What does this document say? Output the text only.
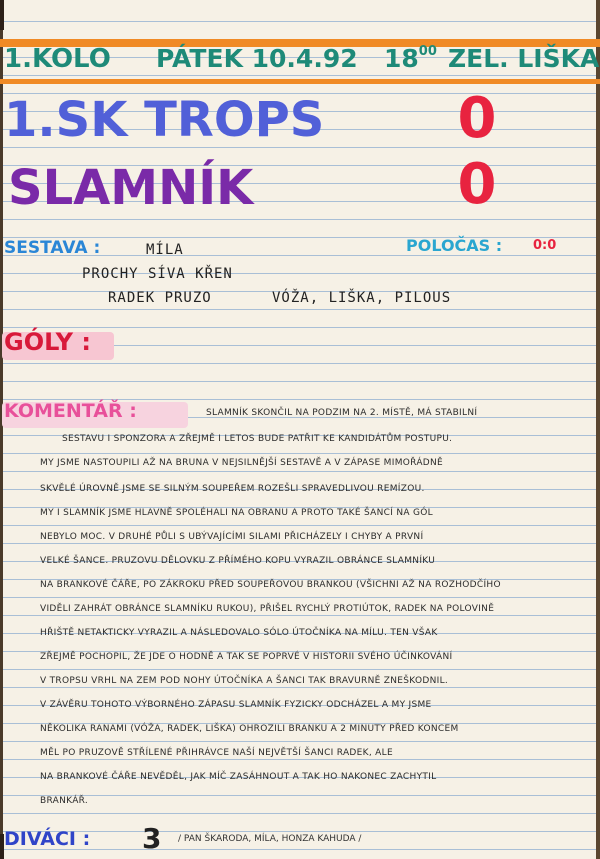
1.KOLO PÁTEK 10.4.92 $18^{00}$ ZEL. LIŠKA
1.SK TROPS 0
SLAMNÍK	0
SESTAVA :	MÍLA
PROCHY SÍVA KŘEN
RADEK PRUZO	VÓŽA, LIŠKA, PILOUS
POLOČAS : 0:0
GÓLY :
KOMENTÁŘ :	SLAMNÍK SKONČIL NA PODZIM NA 2. MÍSTĚ, MÁ STABILNÍ
SESTAVU I SPONZORA A ZŘEJMĚ I LETOS BUDE PATŘIT KE KANDIDÁTŮM POSTUPU.
MY JSME NASTOUPILI AŽ NA BRUNA V NEJSILNĚJŠÍ SESTAVĚ A V ZÁPASE MIMOŘÁDNĚ
SKVĚLÉ ÚROVNĚ JSME SE SILNÝM SOUPEŘEM ROZEŠLI SPRAVEDLIVOU REMÍZOU.
MY I SLAMNÍK JSME HLAVNĚ SPOLÉHALI NA OBRANU A PROTO TAKÉ ŠANCÍ NA GÓL
NEBYLO MOC. V DRUHÉ PŮLI S UBÝVAJÍCÍMI SILAMI PŘICHÁZELY I CHYBY A PRVNÍ
VELKÉ ŠANCE. PRUZOVU DĚLOVKU Z PŘÍMÉHO KOPU VYRAZIL OBRÁNCE SLAMNÍKU
NA BRANKOVÉ ČÁŘE, PO ZÁKROKU PŘED SOUPEŘOVOU BRANKOU (VŠICHNI AŽ NA ROZHODČÍHO
VIDĚLI ZAHRÁT OBRÁNCE SLAMNÍKU RUKOU), PŘIŠEL RYCHLÝ PROTIÚTOK, RADEK NA POLOVINĚ
HŘIŠTĚ NETAKTICKY VYRAZIL A NÁSLEDOVALO SÓLO ÚTOČNÍKA NA MÍLU. TEN VŠAK
ZŘEJMĚ POCHOPIL, ŽE JDE O HODNĚ A TAK SE POPRVÉ V HISTORII SVÉHO ÚČINKOVÁNÍ
V TROPSU VRHL NA ZEM POD NOHY ÚTOČNÍKA A ŠANCI TAK BRAVURNĚ ZNEŠKODNIL.
V ZÁVĚRU TOHOTO VÝBORNÉHO ZÁPASU SLAMNÍK FYZICKY ODCHÁZEL A MY JSME
NĚKOLIKA RANAMI (VÓŽA, RADEK, LIŠKA) OHROZILI BRANKU A 2 MINUTY PŘED KONCEM
MĚL PO PRUZOVĚ STŘÍLENÉ PŘIHRÁVCE NAŠÍ NEJVĚTŠÍ ŠANCI RADEK, ALE
NA BRANKOVÉ ČÁŘE NEVĚDĚL, JAK MÍČ ZASÁHNOUT A TAK HO NAKONEC ZACHYTIL
BRANKÁŘ.
DIVÁCI : 3 / PAN ŠKARODA, MÍLA, HONZA KAHUDA /
